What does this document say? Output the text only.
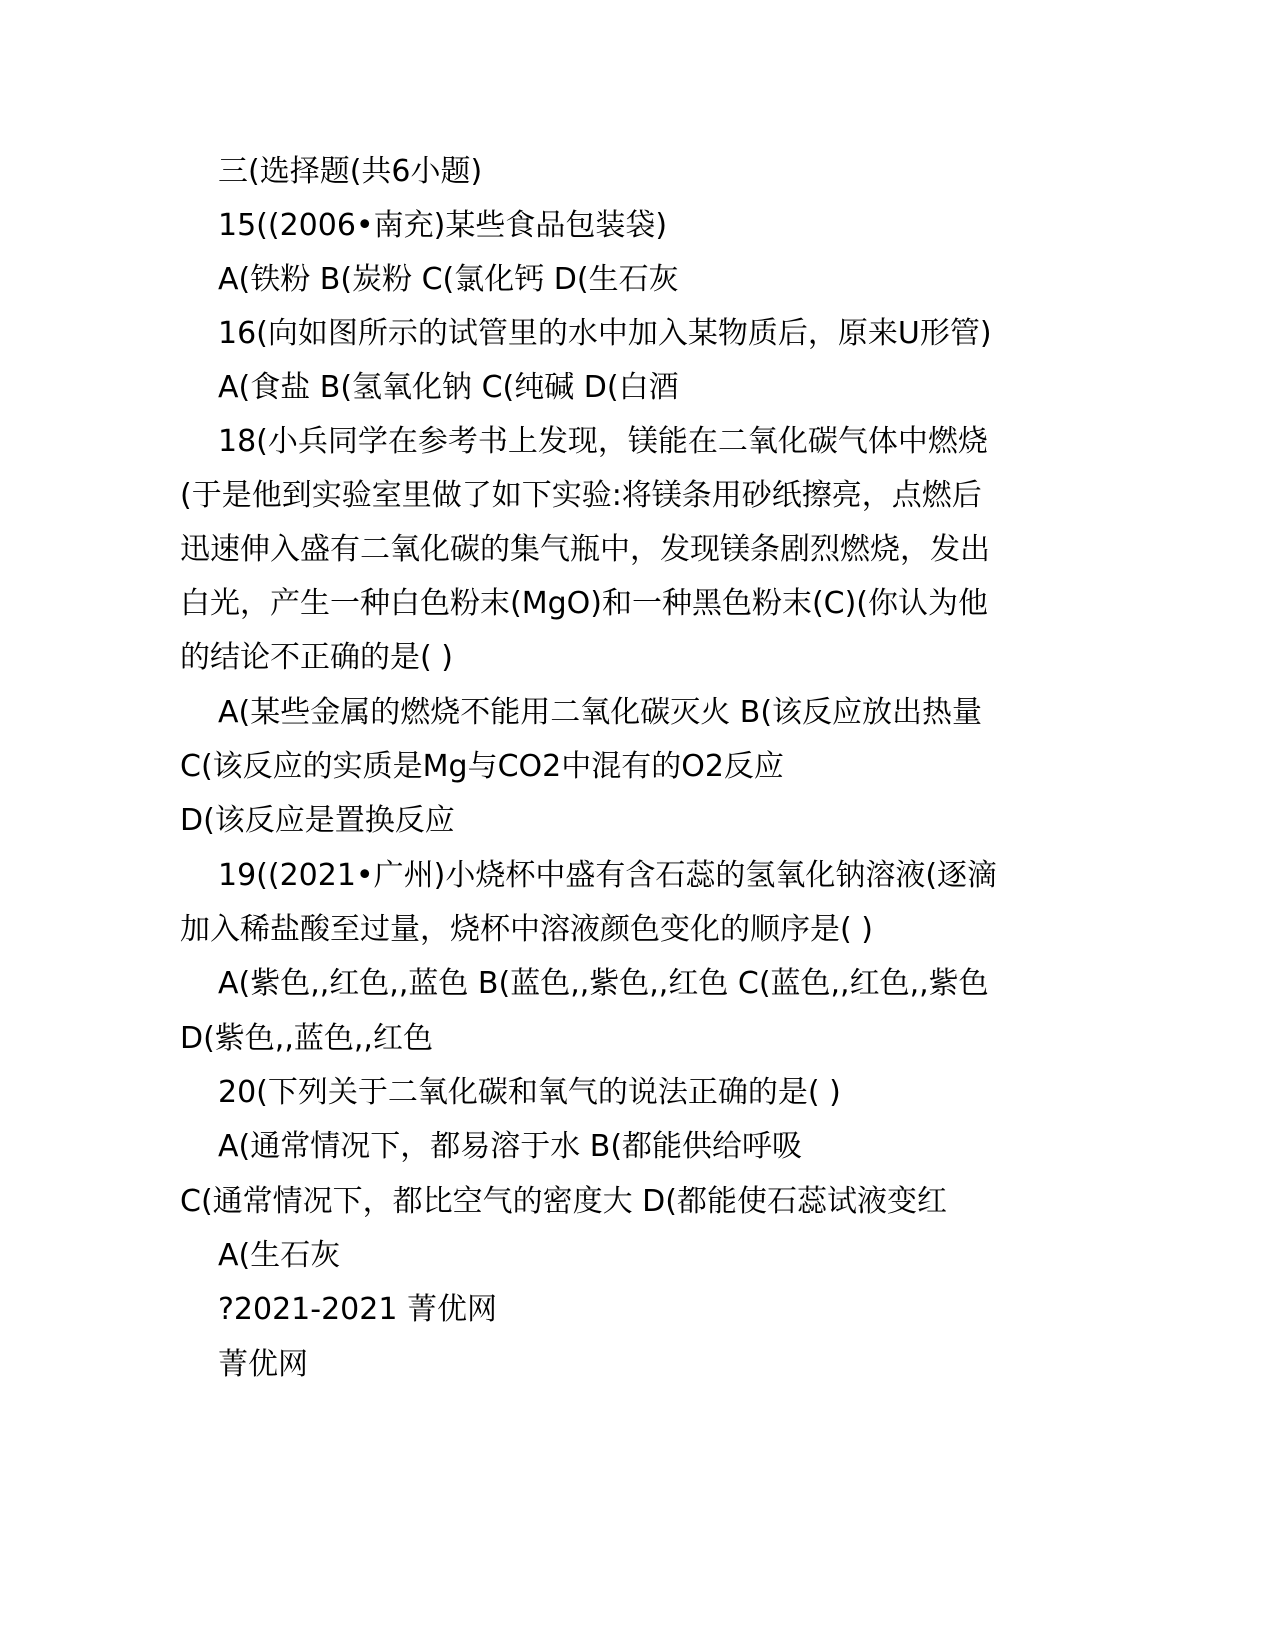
三(选择题(共6小题)
15((2006•南充)某些食品包装袋)
A(铁粉 B(炭粉 C(氯化钙 D(生石灰
16(向如图所示的试管里的水中加入某物质后，原来U形管)
A(食盐 B(氢氧化钠 C(纯碱 D(白酒
18(小兵同学在参考书上发现，镁能在二氧化碳气体中燃烧
(于是他到实验室里做了如下实验:将镁条用砂纸擦亮，点燃后
迅速伸入盛有二氧化碳的集气瓶中，发现镁条剧烈燃烧，发出
白光，产生一种白色粉末(MgO)和一种黑色粉末(C)(你认为他
的结论不正确的是( )
A(某些金属的燃烧不能用二氧化碳灭火 B(该反应放出热量
C(该反应的实质是Mg与CO2中混有的O2反应
D(该反应是置换反应
19((2021•广州)小烧杯中盛有含石蕊的氢氧化钠溶液(逐滴
加入稀盐酸至过量，烧杯中溶液颜色变化的顺序是( )
A(紫色,,红色,,蓝色 B(蓝色,,紫色,,红色 C(蓝色,,红色,,紫色
D(紫色,,蓝色,,红色
20(下列关于二氧化碳和氧气的说法正确的是( )
A(通常情况下，都易溶于水 B(都能供给呼吸
C(通常情况下，都比空气的密度大 D(都能使石蕊试液变红
A(生石灰
?2021-2021 菁优网
菁优网
